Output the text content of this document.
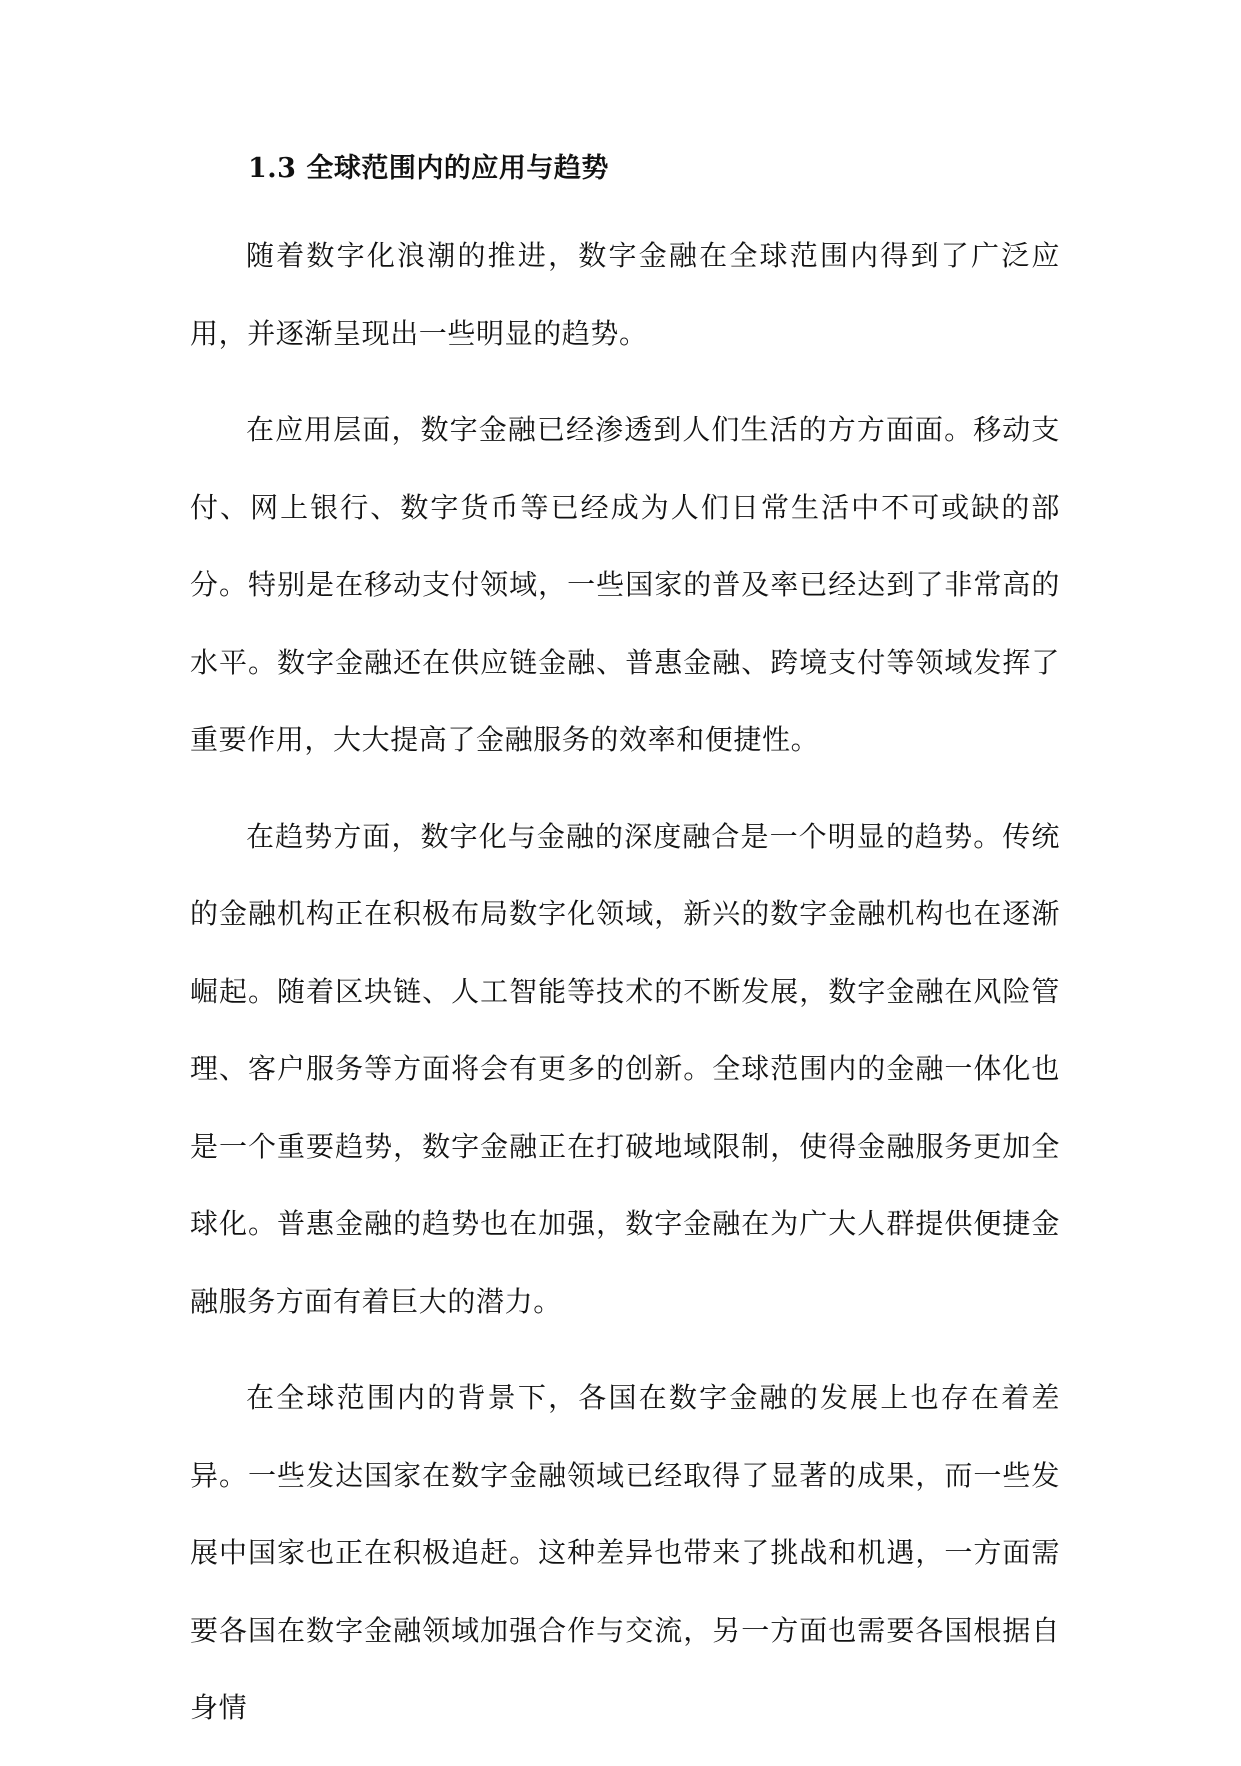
1.3 全球范围内的应用与趋势

随着数字化浪潮的推进，数字金融在全球范围内得到了广泛应用，并逐渐呈现出一些明显的趋势。

在应用层面，数字金融已经渗透到人们生活的方方面面。移动支付、网上银行、数字货币等已经成为人们日常生活中不可或缺的部分。特别是在移动支付领域，一些国家的普及率已经达到了非常高的水平。数字金融还在供应链金融、普惠金融、跨境支付等领域发挥了重要作用，大大提高了金融服务的效率和便捷性。

在趋势方面，数字化与金融的深度融合是一个明显的趋势。传统的金融机构正在积极布局数字化领域，新兴的数字金融机构也在逐渐崛起。随着区块链、人工智能等技术的不断发展，数字金融在风险管理、客户服务等方面将会有更多的创新。全球范围内的金融一体化也是一个重要趋势，数字金融正在打破地域限制，使得金融服务更加全球化。普惠金融的趋势也在加强，数字金融在为广大人群提供便捷金融服务方面有着巨大的潜力。

在全球范围内的背景下，各国在数字金融的发展上也存在着差异。一些发达国家在数字金融领域已经取得了显著的成果，而一些发展中国家也正在积极追赶。这种差异也带来了挑战和机遇，一方面需要各国在数字金融领域加强合作与交流，另一方面也需要各国根据自身情
